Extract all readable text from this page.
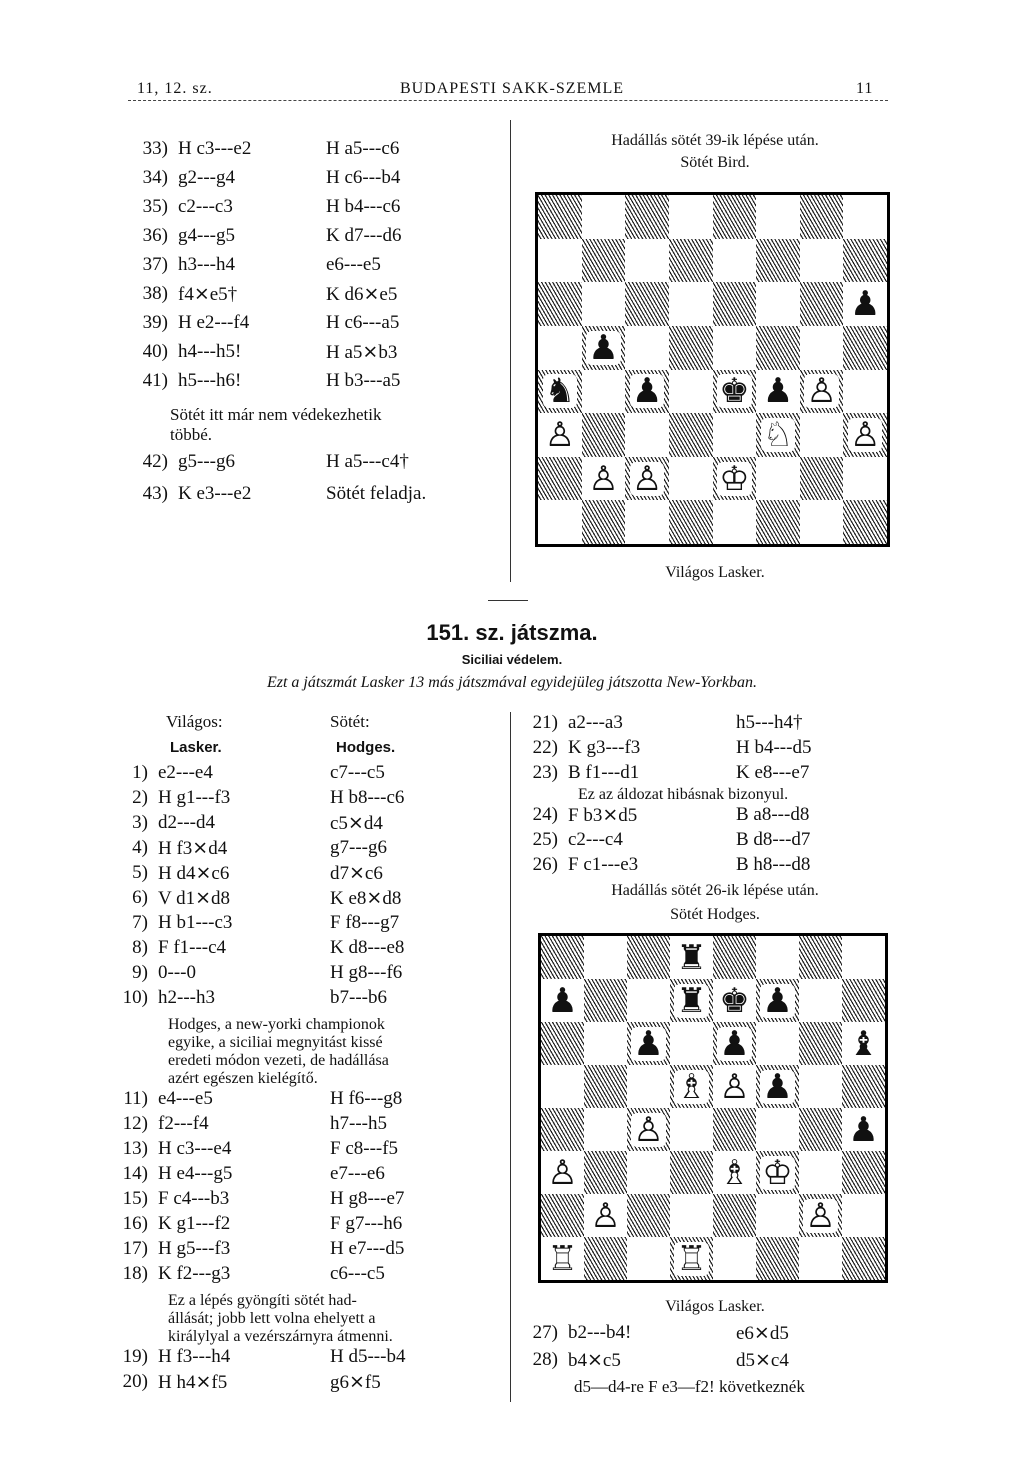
11, 12. sz.	BUDAPESTI SAKK-SZEMLE	11
33) H c3---e2	H a5---c6
34) g2---g4	H c6---b4
35) c2---c3	H b4---c6
36) g4---g5	K d7---d6
37) h3---h4	e6---e5
38) f4⨯e5†	K d6⨯e5
39) H e2---f4	H c6---a5
40) h4---h5!	H a5⨯b3
41) h5---h6!	H b3---a5
Sötét itt már nem védekezhetik
többé.
42) g5---g6	H a5---c4†
43) K e3---e2	Sötét feladja.
Hadállás sötét 39-ik lépése után.
Sötét Bird.
♟
♟
♞ ♟ ♚ ♟ ♙
♙	♘ ♙
♙ ♙ ♔
Világos Lasker.
151. sz. játszma.
Siciliai védelem.
Ezt a játszmát Lasker 13 más játszmával egyidejüleg játszotta New-Yorkban.
Világos:	Sötét:
Lasker.	Hodges.
1) e2---e4	c7---c5
2) H g1---f3	H b8---c6
3) d2---d4	c5⨯d4
4) H f3⨯d4	g7---g6
5) H d4⨯c6	d7⨯c6
6) V d1⨯d8	K e8⨯d8
7) H b1---c3	F f8---g7
8) F f1---c4	K d8---e8
9) 0---0	H g8---f6
10) h2---h3	b7---b6
Hodges, a new-yorki championok
egyike, a siciliai megnyitást kissé
eredeti módon vezeti, de hadállása
azért egészen kielégítő.
11) e4---e5	H f6---g8
12) f2---f4	h7---h5
13) H c3---e4	F c8---f5
14) H e4---g5	e7---e6
15) F c4---b3	H g8---e7
16) K g1---f2	F g7---h6
17) H g5---f3	H e7---d5
18) K f2---g3	c6---c5
Ez a lépés gyöngíti sötét had-
állását; jobb lett volna ehelyett a
királylyal a vezérszárnyra átmenni.
19) H f3---h4	H d5---b4
20) H h4⨯f5	g6⨯f5
21) a2---a3	h5---h4†
22) K g3---f3	H b4---d5
23) B f1---d1	K e8---e7
Ez az áldozat hibásnak bizonyul.
24) F b3⨯d5	B a8---d8
25) c2---c4	B d8---d7
26) F c1---e3	B h8---d8
Hadállás sötét 26-ik lépése után.
Sötét Hodges.
♜
♟	♜ ♚ ♟
♟ ♟	♝
♗ ♙ ♟
♙	♟
♙	♗ ♔
♙	♙
♖	♖
Világos Lasker.
27) b2---b4!	e6⨯d5
28) b4⨯c5	d5⨯c4
d5—d4-re F e3—f2! következnék
